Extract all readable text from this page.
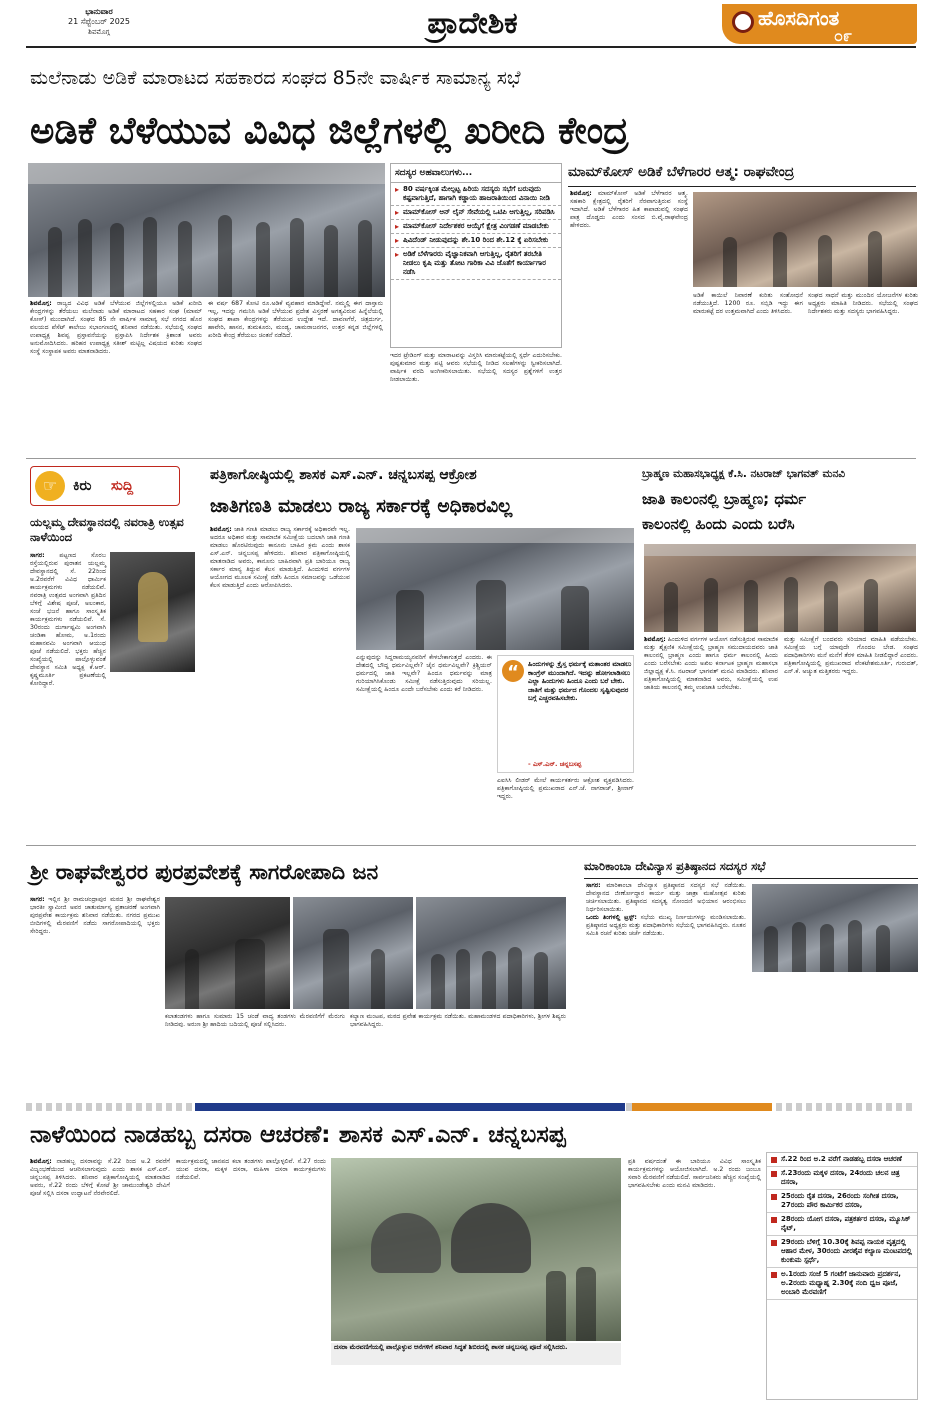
ಭಾನುವಾರ
21 ಸೆಪ್ಟೆಂಬರ್ 2025
ಶಿವಮೊಗ್ಗ	ಪ್ರಾದೇಶಿಕ	ಹೊಸದಿಗಂತ
೦೯
ಮಲೆನಾಡು ಅಡಿಕೆ ಮಾರಾಟದ ಸಹಕಾರದ ಸಂಘದ 85ನೇ ವಾರ್ಷಿಕ ಸಾಮಾನ್ಯ ಸಭೆ
ಅಡಿಕೆ ಬೆಳೆಯುವ ವಿವಿಧ ಜಿಲ್ಲೆಗಳಲ್ಲಿ ಖರೀದಿ ಕೇಂದ್ರ
ಶಿವಮೊಗ್ಗ: ರಾಜ್ಯದ ವಿವಿಧ ಅಡಿಕೆ ಬೆಳೆಯುವ ಜಿಲ್ಲೆಗಳಲ್ಲಿಯೂ ಅಡಿಕೆ ಖರೀದಿ ಕೇಂದ್ರಗಳನ್ನು ತೆರೆಯಲು ಮಲೆನಾಡು ಅಡಿಕೆ ಮಾರಾಟದ ಸಹಕಾರ ಸಂಘ (ಮಾಮ್ ಕೋಸ್) ಮುಂದಾಗಿದೆ. ಸಂಘದ 85 ನೇ ವಾರ್ಷಿಕ ಸಾಮಾನ್ಯ ಸಭೆ ನಗರದ ಹೊರ ವಲಯದ ಪೆಸೆಟ್ ಕಾಲೇಜು ಸಭಾಂಗಣದಲ್ಲಿ ಶನಿವಾರ ನಡೆಯಿತು. ಸಭೆಯಲ್ಲಿ ಸಂಘದ ಉಪಾಧ್ಯಕ್ಷ ಶಿವಪ್ಪ ಪ್ರಸ್ತಾವನೆಯನ್ನು ಪ್ರಸ್ತಾಪಿಸಿ ನಿರ್ದೇಶಕ ಕ್ರಿಶಾಂತ ಅವರು ಅನುಮೋದಿಸಿದರು. ಹರಿಹರ ಉಪಾಧ್ಯಕ್ಷ ಸತೀಶ್ ಮಟ್ಟಿಲ್ಲ ವಿಷಯದ ಕುರಿತು ಸಂಘದ ಸಂಸ್ಥೆ ಸಂಸ್ಥಾಪಕ ಅವರು ಮಾತನಾಡಿದರು.
ಈ ವರ್ಷ 687 ಕೋಟಿ ರೂ.ಅಡಿಕೆ ವ್ಯವಹಾರ ಮಾಡಿದ್ದೇವೆ. ನಮ್ಮಲ್ಲಿ ಈಗ ದಾಸ್ತಾನು ಇಲ್ಲ, ಇದನ್ನು ಗಮನಿಸಿ ಅಡಿಕೆ ಬೆಳೆಯುವ ಪ್ರದೇಶ ವಿಸ್ತರಣೆ ಅಗತ್ಯವಿರುವ ಹಿನ್ನೆಲೆಯಲ್ಲಿ ಸಂಘದ ಶಾಖಾ ಕೇಂದ್ರಗಳನ್ನು ತೆರೆಯುವ ಉದ್ದೇಶ ಇದೆ. ದಾವಣಗೆರೆ, ಚಿತ್ರದುರ್ಗ, ಹಾವೇರಿ, ಹಾಸನ, ತುಮಕೂರು, ಮಂಡ್ಯ, ಚಾಮರಾಜನಗರ, ಉತ್ತರ ಕನ್ನಡ ಜಿಲ್ಲೆಗಳಲ್ಲಿ ಖರೀದಿ ಕೇಂದ್ರ ತೆರೆಯಲು ಚಿಂತನೆ ನಡೆದಿದೆ.
ಸದಸ್ಯರ ಅಹವಾಲುಗಳು...
▸ 80 ವರ್ಷಕ್ಕಿಂತ ಮೇಲ್ಪಟ್ಟ ಹಿರಿಯ ಸದಸ್ಯರು ಸಭೆಗೆ ಬರುವುದು ಕಷ್ಟವಾಗುತ್ತಿದೆ, ಹಾಗಾಗಿ ಕಡ್ಡಾಯ ಹಾಜರಾತಿಯಿಂದ ವಿನಾಯಿ ನೀಡಿ
▸ ಮಾಮ್‌ಕೋಸ್ ಆನ್ ಲೈನ್ ಸೇವೆಯಲ್ಲಿ ಒಟಿಪಿ ಆಗುತ್ತಿಲ್ಲ, ಸರಿಪಡಿಸಿ
▸ ಮಾಮ್‌ಕೋಸ್ ನಿರ್ದೇಶಕರ ಆಯ್ಕೆಗೆ ಕ್ಷೇತ್ರ ವಿಂಗಡಣೆ ಮಾಡಬೇಕು
▸ ಷಿವಿದೆಂಡ್ ನೀಡುವುದನ್ನು ಶೇ.10 ರಿಂದ ಶೇ.12 ಕ್ಕೆ ಏರಿಸಬೇಕು
▸ ಅಡಿಕೆ ಬೆಳೆಗಾರರು ವೈಜ್ಞಾನಿಕವಾಗಿ ಆಗುತ್ತಿಲ್ಲ, ರೈತರಿಗೆ ತರಬೇತಿ ನೀಡಲು ಕೃಷಿ ಮತ್ತು ತೋಟ ಗಾರಿಕಾ ವಿವಿ ಜೊತೆಗೆ ಕಾರ್ಯಾಗಾರ ನಡೆಸಿ
ಇದರ ಟ್ರೇಡಿಂಗ್ ಮತ್ತು ಮಾರಾಟವನ್ನು ವಿಸ್ತರಿಸಿ ಮಾರುಕಟ್ಟೆಯಲ್ಲಿ ಸ್ಪರ್ಧೆ ಎದುರಿಸಬೇಕು. ಪುಷ್ಪಕುಮಾರ ಮತ್ತು ಪಟ್ಟಿ ಆವರು ಸಭೆಯಲ್ಲಿ ನೀಡಿದ ಸಲಹೆಗಳನ್ನು ಸ್ವೀಕರಿಸಲಾಗಿದೆ. ವಾರ್ಷಿಕ ವರದಿ ಅಂಗೀಕರಿಸಲಾಯಿತು. ಸಭೆಯಲ್ಲಿ ಸದಸ್ಯರ ಪ್ರಶ್ನೆಗಳಿಗೆ ಉತ್ತರ ನೀಡಲಾಯಿತು.
ಮಾಮ್‌ಕೋಸ್ ಅಡಿಕೆ ಬೆಳೆಗಾರರ ಆತ್ಮ: ರಾಘವೇಂದ್ರ
ಶಿವಮೊಗ್ಗ: ಮಾಮ್‌ಕೋಸ್ ಅಡಿಕೆ ಬೆಳೆಗಾರರ ಆತ್ಮ. ಸಹಕಾರಿ ಕ್ಷೇತ್ರದಲ್ಲಿ ರೈತರಿಗೆ ನೆರವಾಗುತ್ತಿರುವ ಸಂಸ್ಥೆ ಇದಾಗಿದೆ. ಅಡಿಕೆ ಬೆಳೆಗಾರರ ಹಿತ ಕಾಪಾಡುವಲ್ಲಿ ಸಂಘದ ಪಾತ್ರ ದೊಡ್ಡದು ಎಂದು ಸಂಸದ ಬಿ.ವೈ.ರಾಘವೇಂದ್ರ ಹೇಳಿದರು.
ಅಡಿಕೆ ಕಾಯಿಲೆ ನಿವಾರಣೆ ಕುರಿತು ಸಂಶೋಧನೆ ನಡೆಯುತ್ತಿದೆ. 1200 ರೂ. ಸಬ್ಸಿಡಿ ಇದ್ದು ಈಗ ಮಾರುಕಟ್ಟೆ ದರ ಉತ್ತಮವಾಗಿದೆ ಎಂದು ತಿಳಿಸಿದರು.
ಸಂಘದ ಸಾಧನೆ ಮತ್ತು ಮುಂದಿನ ಯೋಜನೆಗಳ ಕುರಿತು ಅಧ್ಯಕ್ಷರು ಮಾಹಿತಿ ನೀಡಿದರು. ಸಭೆಯಲ್ಲಿ ಸಂಘದ ನಿರ್ದೇಶಕರು ಮತ್ತು ಸದಸ್ಯರು ಭಾಗವಹಿಸಿದ್ದರು.
☞	ಕಿರು ಸುದ್ದಿ
ಯಲ್ಲಮ್ಮ ದೇವಸ್ಥಾನದಲ್ಲಿ ನವರಾತ್ರಿ ಉತ್ಸವ ನಾಳೆಯಿಂದ
ಸಾಗರ: ಪಟ್ಟಣದ ಸೊರಬ ರಸ್ತೆಯಲ್ಲಿರುವ ಪುರಾತನ ಯಲ್ಲಮ್ಮ ದೇವಸ್ಥಾನದಲ್ಲಿ ಸೆ. 22ರಿಂದ ಅ.2ರವರೆಗೆ ವಿವಿಧ ಧಾರ್ಮಿಕ ಕಾರ್ಯಕ್ರಮಗಳು ನಡೆಯಲಿವೆ. ನವರಾತ್ರಿ ಉತ್ಸವದ ಅಂಗವಾಗಿ ಪ್ರತಿದಿನ ಬೆಳಿಗ್ಗೆ ವಿಶೇಷ ಪೂಜೆ, ಅಲಂಕಾರ, ಸಂಜೆ ಭಜನೆ ಹಾಗೂ ಸಾಂಸ್ಕೃತಿಕ ಕಾರ್ಯಕ್ರಮಗಳು ನಡೆಯಲಿವೆ. ಸೆ. 30ರಂದು ದುರ್ಗಾಷ್ಟಮಿ ಅಂಗವಾಗಿ ಚಂಡಿಕಾ ಹೋಮ, ಅ.1ರಂದು ಮಹಾನವಮಿ ಅಂಗವಾಗಿ ಆಯುಧ ಪೂಜೆ ನಡೆಯಲಿದೆ. ಭಕ್ತರು ಹೆಚ್ಚಿನ ಸಂಖ್ಯೆಯಲ್ಲಿ ಪಾಲ್ಗೊಳ್ಳುವಂತೆ ದೇವಸ್ಥಾನ ಸಮಿತಿ ಅಧ್ಯಕ್ಷ ಕೆ.ಆರ್. ಕೃಷ್ಣಮೂರ್ತಿ ಪ್ರಕಟಣೆಯಲ್ಲಿ ಕೋರಿದ್ದಾರೆ.
ಪತ್ರಿಕಾಗೋಷ್ಠಿಯಲ್ಲಿ ಶಾಸಕ ಎಸ್.ಎನ್. ಚನ್ನಬಸಪ್ಪ ಆಕ್ರೋಶ
ಜಾತಿಗಣತಿ ಮಾಡಲು ರಾಜ್ಯ ಸರ್ಕಾರಕ್ಕೆ ಅಧಿಕಾರವಿಲ್ಲ
ಶಿವಮೊಗ್ಗ: ಜಾತಿ ಗಣತಿ ಮಾಡಲು ರಾಜ್ಯ ಸರ್ಕಾರಕ್ಕೆ ಅಧಿಕಾರವೇ ಇಲ್ಲ. ಅದರೂ ಅಧಿಕಾರ ಮತ್ತು ಸಾಮಾಜಿಕ ಸಮೀಕ್ಷೆಯ ಬದಲಾಗಿ ಜಾತಿ ಗಣತಿ ಮಾಡಲು ಹೊರಟಿರುವುದು ಕಾನೂನು ಬಾಹಿರ ಕ್ರಮ ಎಂದು ಶಾಸಕ ಎಸ್.ಎನ್. ಚನ್ನಬಸಪ್ಪ ಹೇಳಿದರು. ಶನಿವಾರ ಪತ್ರಿಕಾಗೋಷ್ಠಿಯಲ್ಲಿ ಮಾತನಾಡಿದ ಅವರು, ಕಾನೂನು ಬಾಹಿರವಾಗಿ ಪ್ರತಿ ಬಾರಿಯೂ ರಾಜ್ಯ ಸರ್ಕಾರ ಮಾನ್ಯ ತಿದ್ದುವ ಕೆಲಸ ಮಾಡುತ್ತಿದೆ. ಹಿಂದುಳಿದ ವರ್ಗಗಳ ಆಯೋಗದ ಮೂಲಕ ಸಮೀಕ್ಷೆ ನಡೆಸಿ ಹಿಂದೂ ಸಮಾಜವನ್ನು ಒಡೆಯುವ ಕೆಲಸ ಮಾಡುತ್ತಿದೆ ಎಂದು ಆರೋಪಿಸಿದರು.
ಎನ್ನುವುದನ್ನು ಸಿದ್ದರಾಮಯ್ಯನವರಿಗೆ ಕೇಳಬೇಕಾಗುತ್ತದೆ ಎಂದರು. ಈ ದೇಶದಲ್ಲಿ ಬೌದ್ಧ ಧರ್ಮವಿಲ್ಲವೇ? ಜೈನ ಧರ್ಮವಿಲ್ಲವೇ? ಕ್ರಿಶ್ಚಿಯನ್ ಧರ್ಮದಲ್ಲಿ ಜಾತಿ ಇಲ್ಲವೇ? ಹಿಂದೂ ಧರ್ಮವನ್ನು ಮಾತ್ರ ಗುರಿಯಾಗಿಸಿಕೊಂಡು ಸಮೀಕ್ಷೆ ನಡೆಸುತ್ತಿರುವುದು ಸರಿಯಲ್ಲ. ಸಮೀಕ್ಷೆಯಲ್ಲಿ ಹಿಂದೂ ಎಂದೇ ಬರೆಸಬೇಕು ಎಂದು ಕರೆ ನೀಡಿದರು.
“	ಹಿಂದುಗಳನ್ನು ಕ್ರೈಸ್ತ ಧರ್ಮಕ್ಕೆ ಮತಾಂತರ ಮಾಡಲು ಕಾಂಗ್ರೆಸ್ ಮುಂದಾಗಿದೆ. ಇದನ್ನು ಹೋಗಲಾಡಿಸಲು ಎಲ್ಲಾ ಹಿಂದುಗಳು ಹಿಂದೂ ಎಂದು ಬರೆ ಬೇಕು. ಜಾತಿಗೆ ಮತ್ತು ಧರ್ಮದ ಗೊಂದಲ ಸೃಷ್ಟಿಸುವುದರ ಬಗ್ಗೆ ಎಚ್ಚರವಹಿಸಬೇಕು.
- ಎಸ್.ಎನ್. ಚನ್ನಬಸಪ್ಪ
ಎಐಸಿಸಿ ಲೀಡರ್ ಮೇಲೆ ಕಾರ್ಯಕರ್ತರು ಆಕ್ರೋಶ ವ್ಯಕ್ತಪಡಿಸಿದರು. ಪತ್ರಿಕಾಗೋಷ್ಠಿಯಲ್ಲಿ ಪ್ರಮುಖರಾದ ಎನ್.ಜೆ. ನಾಗರಾಜ್, ಶ್ರೀನಾಗ್ ಇದ್ದರು.
ಬ್ರಾಹ್ಮಣ ಮಹಾಸಭಾಧ್ಯಕ್ಷ ಕೆ.ಸಿ. ನಟರಾಜ್ ಭಾಗವತ್ ಮನವಿ
ಜಾತಿ ಕಾಲಂನಲ್ಲಿ ಬ್ರಾಹ್ಮಣ; ಧರ್ಮ
ಕಾಲಂನಲ್ಲಿ ಹಿಂದು ಎಂದು ಬರೆಸಿ
ಶಿವಮೊಗ್ಗ: ಹಿಂದುಳಿದ ವರ್ಗಗಳ ಆಯೋಗ ನಡೆಸುತ್ತಿರುವ ಸಾಮಾಜಿಕ ಮತ್ತು ಶೈಕ್ಷಣಿಕ ಸಮೀಕ್ಷೆಯಲ್ಲಿ ಬ್ರಾಹ್ಮಣ ಸಮುದಾಯದವರು ಜಾತಿ ಕಾಲಂನಲ್ಲಿ ಬ್ರಾಹ್ಮಣ ಎಂದು ಹಾಗೂ ಧರ್ಮ ಕಾಲಂನಲ್ಲಿ ಹಿಂದು ಎಂದು ಬರೆಸಬೇಕು ಎಂದು ಅಖಿಲ ಕರ್ನಾಟಕ ಬ್ರಾಹ್ಮಣ ಮಹಾಸಭಾ ಜಿಲ್ಲಾಧ್ಯಕ್ಷ ಕೆ.ಸಿ. ನಟರಾಜ್ ಭಾಗವತ್ ಮನವಿ ಮಾಡಿದರು. ಶನಿವಾರ ಪತ್ರಿಕಾಗೋಷ್ಠಿಯಲ್ಲಿ ಮಾತನಾಡಿದ ಅವರು, ಸಮೀಕ್ಷೆಯಲ್ಲಿ ಉಪ ಜಾತಿಯ ಕಾಲಂನಲ್ಲಿ ತಮ್ಮ ಉಪಜಾತಿ ಬರೆಸಬೇಕು.
ಮತ್ತು ಸಮೀಕ್ಷೆಗೆ ಬಂದವರು ಸರಿಯಾದ ಮಾಹಿತಿ ಪಡೆಯಬೇಕು. ಸಮೀಕ್ಷೆಯ ಬಗ್ಗೆ ಯಾವುದೇ ಗೊಂದಲ ಬೇಡ. ಸಂಘದ ಪದಾಧಿಕಾರಿಗಳು ಮನೆ ಮನೆಗೆ ತೆರಳಿ ಮಾಹಿತಿ ನೀಡಲಿದ್ದಾರೆ ಎಂದರು. ಪತ್ರಿಕಾಗೋಷ್ಠಿಯಲ್ಲಿ ಪ್ರಮುಖರಾದ ವೆಂಕಟೇಶಮೂರ್ತಿ, ಗುರುದತ್, ಎನ್.ಕೆ. ಅಚ್ಯುತ ಮತ್ತಿತರರು ಇದ್ದರು.
ಶ್ರೀ ರಾಘವೇಶ್ವರರ ಪುರಪ್ರವೇಶಕ್ಕೆ ಸಾಗರೋಪಾದಿ ಜನ
ಸಾಗರ: ಇಲ್ಲಿನ ಶ್ರೀ ರಾಮಚಂದ್ರಾಪುರ ಮಠದ ಶ್ರೀ ರಾಘವೇಶ್ವರ ಭಾರತೀ ಸ್ವಾಮೀಜಿ ಅವರ ಚಾತುರ್ಮಾಸ್ಯ ವ್ರತಾಚರಣೆ ಅಂಗವಾಗಿ ಪುರಪ್ರವೇಶ ಕಾರ್ಯಕ್ರಮ ಶನಿವಾರ ನಡೆಯಿತು. ನಗರದ ಪ್ರಮುಖ ಬೀದಿಗಳಲ್ಲಿ ಮೆರವಣಿಗೆ ನಡೆದು ಸಾಗರೋಪಾದಿಯಲ್ಲಿ ಭಕ್ತರು ಸೇರಿದ್ದರು.
ಕಲಾತಂಡಗಳು ಹಾಗೂ ಸುಮಾರು 15 ಚಂಡೆ ವಾದ್ಯ ತಂಡಗಳು ಮೆರವಣಿಗೆಗೆ ಮೆರುಗು ನೀಡಿದವು. ಅರುಣ ಶ್ರೀ ಹಾದಿಯ ಬದಿಯಲ್ಲಿ ಪೂಜೆ ಸಲ್ಲಿಸಿದರು.
ಕಲ್ಯಾಣ ಮಂಟಪ, ಮಠದ ಪ್ರವೇಶ ಕಾರ್ಯಕ್ರಮ ನಡೆಯಿತು. ಮಹಾಮಂಡಳದ ಪದಾಧಿಕಾರಿಗಳು, ಶ್ರೀಗಳ ಶಿಷ್ಯರು ಭಾಗವಹಿಸಿದ್ದರು.
ಮಾರಿಕಾಂಬಾ ದೇವಿನ್ಯಾಸ ಪ್ರತಿಷ್ಠಾನದ ಸದಸ್ಯರ ಸಭೆ
ಸಾಗರ: ಮಾರಿಕಾಂಬಾ ದೇವಿನ್ಯಾಸ ಪ್ರತಿಷ್ಠಾನದ ಸದಸ್ಯರ ಸಭೆ ನಡೆಯಿತು. ದೇವಸ್ಥಾನದ ಜೀರ್ಣೋದ್ಧಾರ ಕಾರ್ಯ ಮತ್ತು ಜಾತ್ರಾ ಮಹೋತ್ಸವ ಕುರಿತು ಚರ್ಚಿಸಲಾಯಿತು. ಪ್ರತಿಷ್ಠಾನದ ಸದಸ್ಯತ್ವ ನೋಂದಣಿ ಅಭಿಯಾನ ಆರಂಭಿಸಲು ನಿರ್ಧರಿಸಲಾಯಿತು.
ಒಂದು ತಿಂಗಳಲ್ಲಿ ಟ್ರಸ್ಟ್: ಸಭೆಯ ಮುಖ್ಯ ನಿರ್ಣಯಗಳನ್ನು ಮಂಡಿಸಲಾಯಿತು. ಪ್ರತಿಷ್ಠಾನದ ಅಧ್ಯಕ್ಷರು ಮತ್ತು ಪದಾಧಿಕಾರಿಗಳು ಸಭೆಯಲ್ಲಿ ಭಾಗವಹಿಸಿದ್ದರು. ನೂತನ ಸಮಿತಿ ರಚನೆ ಕುರಿತು ಚರ್ಚೆ ನಡೆಯಿತು.
ನಾಳೆಯಿಂದ ನಾಡಹಬ್ಬ ದಸರಾ ಆಚರಣೆ: ಶಾಸಕ ಎಸ್.ಎನ್. ಚನ್ನಬಸಪ್ಪ
ಶಿವಮೊಗ್ಗ: ನಾಡಹಬ್ಬ ದಸರಾವನ್ನು ಸೆ.22 ರಿಂದ ಅ.2 ರವರೆಗೆ ವಿಜೃಂಭಣೆಯಿಂದ ಆಚರಿಸಲಾಗುವುದು ಎಂದು ಶಾಸಕ ಎಸ್.ಎನ್. ಚನ್ನಬಸಪ್ಪ ತಿಳಿಸಿದರು. ಶನಿವಾರ ಪತ್ರಿಕಾಗೋಷ್ಠಿಯಲ್ಲಿ ಮಾತನಾಡಿದ ಅವರು, ಸೆ.22 ರಂದು ಬೆಳಿಗ್ಗೆ ಕೋಟೆ ಶ್ರೀ ಚಾಮುಂಡೇಶ್ವರಿ ದೇವಿಗೆ ಪೂಜೆ ಸಲ್ಲಿಸಿ ದಸರಾ ಉದ್ಘಾಟನೆ ನೆರವೇರಲಿದೆ.
ಕಾರ್ಯಕ್ರಮದಲ್ಲಿ ಜಾನಪದ ಕಲಾ ತಂಡಗಳು ಪಾಲ್ಗೊಳ್ಳಲಿವೆ. ಸೆ.27 ರಂದು ಯುವ ದಸರಾ, ಮಕ್ಕಳ ದಸರಾ, ಮಹಿಳಾ ದಸರಾ ಕಾರ್ಯಕ್ರಮಗಳು ನಡೆಯಲಿವೆ.
ದಸರಾ ಮೆರವಣಿಗೆಯಲ್ಲಿ ಪಾಲ್ಗೊಳ್ಳುವ ಆನೆಗಳಿಗೆ ಶನಿವಾರ ಸಿದ್ಧತೆ ಶಿಬಿರದಲ್ಲಿ ಶಾಸಕ ಚನ್ನಬಸಪ್ಪ ಪೂಜೆ ಸಲ್ಲಿಸಿದರು.
ಪ್ರತಿ ವರ್ಷದಂತೆ ಈ ಬಾರಿಯೂ ವಿವಿಧ ಸಾಂಸ್ಕೃತಿಕ ಕಾರ್ಯಕ್ರಮಗಳನ್ನು ಆಯೋಜಿಸಲಾಗಿದೆ. ಅ.2 ರಂದು ಜಂಬೂ ಸವಾರಿ ಮೆರವಣಿಗೆ ನಡೆಯಲಿದೆ. ಸಾರ್ವಜನಿಕರು ಹೆಚ್ಚಿನ ಸಂಖ್ಯೆಯಲ್ಲಿ ಭಾಗವಹಿಸಬೇಕು ಎಂದು ಮನವಿ ಮಾಡಿದರು.
ಸೆ.22 ರಿಂದ ಅ.2 ವರೆಗೆ ನಾಡಹಬ್ಬ ದಸರಾ ಆಚರಣೆ
ಸೆ.23ರಂದು ಮಕ್ಕಳ ದಸರಾ, 24ರಂದು ಚಲನ ಚಿತ್ರ ದಸರಾ,
25ರಂದು ರೈತ ದಸರಾ, 26ರಂದು ಸಂಗೀತ ದಸರಾ, 27ರಂದು ಪೌರ ಕಾರ್ಮಿಕರ ದಸರಾ,
28ರಂದು ಯೋಗ ದಸರಾ, ಪತ್ರಕರ್ತರ ದಸರಾ, ಮ್ಯೂಸಿಕ್ ನೈಟ್,
29ರಂದು ಬೆಳಿಗ್ಗೆ 10.30ಕ್ಕೆ ಶಿವಪ್ಪ ನಾಯಕ ವೃತ್ತದಲ್ಲಿ ಆಹಾರ ಮೇಳ, 30ರಂದು ವೀರಶೈವ ಕಲ್ಯಾಣ ಮಂಟಪದಲ್ಲಿ ಕುಂಕುಮ ಸ್ಪರ್ಧೆ,
ಅ.1ರಂದು ಸಂಜೆ 5 ಗಂಟೆಗೆ ಜಾನುವಾರು ಪ್ರದರ್ಶನ, ಅ.2ರಂದು ಮಧ್ಯಾಹ್ನ 2.30ಕ್ಕೆ ನಂದಿ ಧ್ವಜ ಪೂಜೆ, ಅಂಬಾರಿ ಮೆರವಣಿಗೆ
